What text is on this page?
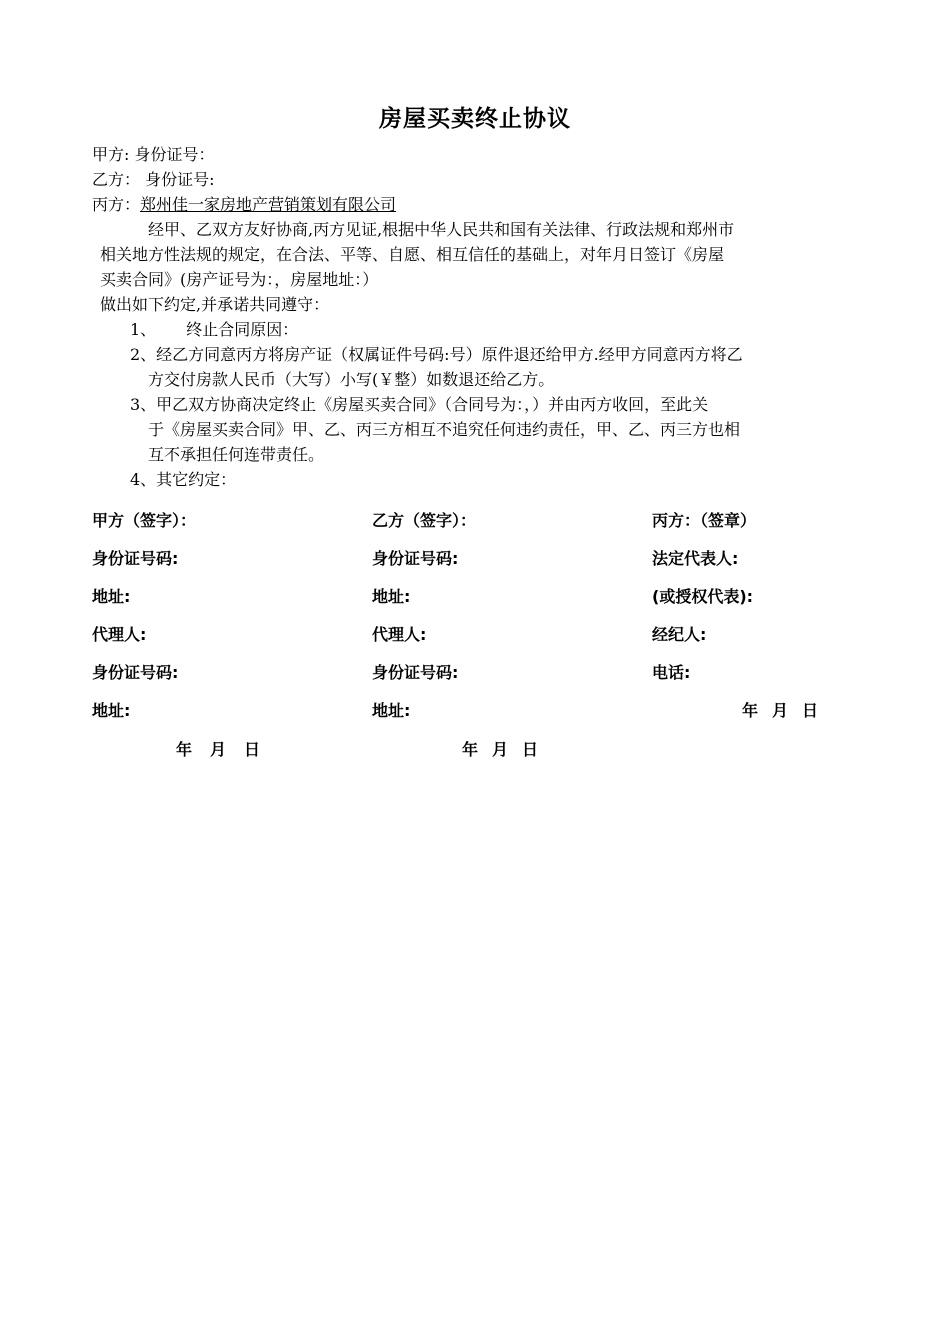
房屋买卖终止协议
甲方: 身份证号：
乙方： 身份证号:
丙方：郑州佳一家房地产营销策划有限公司
经甲、乙双方友好协商,丙方见证,根据中华人民共和国有关法律、行政法规和郑州市
相关地方性法规的规定，在合法、平等、自愿、相互信任的基础上，对年月日签订《房屋
买卖合同》(房产证号为：，房屋地址：）
做出如下约定,并承诺共同遵守：
1、 终止合同原因：
2、经乙方同意丙方将房产证（权属证件号码:号）原件退还给甲方.经甲方同意丙方将乙
方交付房款人民币（大写）小写(￥整）如数退还给乙方。
3、甲乙双方协商决定终止《房屋买卖合同》（合同号为：，）并由丙方收回，至此关
于《房屋买卖合同》甲、乙、丙三方相互不追究任何违约责任，甲、乙、丙三方也相
互不承担任何连带责任。
4、其它约定：
甲方（签字）：
身份证号码:
地址:
代理人:
身份证号码:
地址:
乙方（签字）：
身份证号码:
地址:
代理人:
身份证号码:
地址:
丙方：（签章）
法定代表人:
(或授权代表):
经纪人:
电话:
年 月 日
年 月 日	年 月 日
